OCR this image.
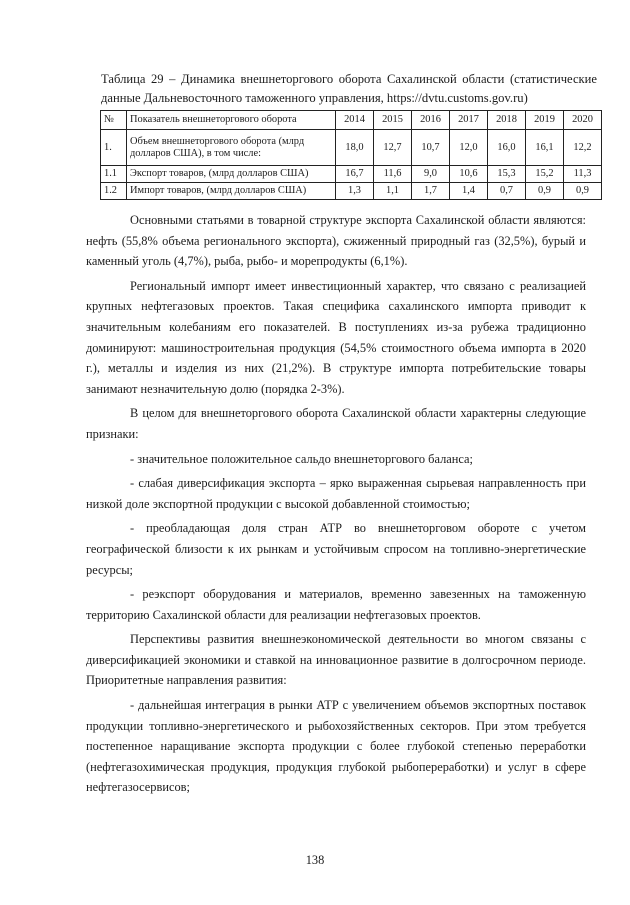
Таблица 29 – Динамика внешнеторгового оборота Сахалинской области (статистические данные Дальневосточного таможенного управления, https://dvtu.customs.gov.ru)
№	Показатель внешнеторгового оборота	2014	2015	2016	2017	2018	2019	2020
1.	Объем внешнеторгового оборота (млрд долларов США), в том числе:	18,0	12,7	10,7	12,0	16,0	16,1	12,2
1.1	Экспорт товаров, (млрд долларов США)	16,7	11,6	9,0	10,6	15,3	15,2	11,3
1.2	Импорт товаров, (млрд долларов США)	1,3	1,1	1,7	1,4	0,7	0,9	0,9

Основными статьями в товарной структуре экспорта Сахалинской области являются: нефть (55,8% объема регионального экспорта), сжиженный природный газ (32,5%), бурый и каменный уголь (4,7%), рыба, рыбо- и морепродукты (6,1%).

Региональный импорт имеет инвестиционный характер, что связано с реализацией крупных нефтегазовых проектов. Такая специфика сахалинского импорта приводит к значительным колебаниям его показателей. В поступлениях из-за рубежа традиционно доминируют: машиностроительная продукция (54,5% стоимостного объема импорта в 2020 г.), металлы и изделия из них (21,2%). В структуре импорта потребительские товары занимают незначительную долю (порядка 2-3%).

В целом для внешнеторгового оборота Сахалинской области характерны следующие признаки:

- значительное положительное сальдо внешнеторгового баланса;

- слабая диверсификация экспорта – ярко выраженная сырьевая направленность при низкой доле экспортной продукции с высокой добавленной стоимостью;

- преобладающая доля стран АТР во внешнеторговом обороте с учетом географической близости к их рынкам и устойчивым спросом на топливно-энергетические ресурсы;

- реэкспорт оборудования и материалов, временно завезенных на таможенную территорию Сахалинской области для реализации нефтегазовых проектов.

Перспективы развития внешнеэкономической деятельности во многом связаны с диверсификацией экономики и ставкой на инновационное развитие в долгосрочном периоде. Приоритетные направления развития:

- дальнейшая интеграция в рынки АТР с увеличением объемов экспортных поставок продукции топливно-энергетического и рыбохозяйственных секторов. При этом требуется постепенное наращивание экспорта продукции с более глубокой степенью переработки (нефтегазохимическая продукция, продукция глубокой рыбопереработки) и услуг в сфере нефтегазосервисов;

138
